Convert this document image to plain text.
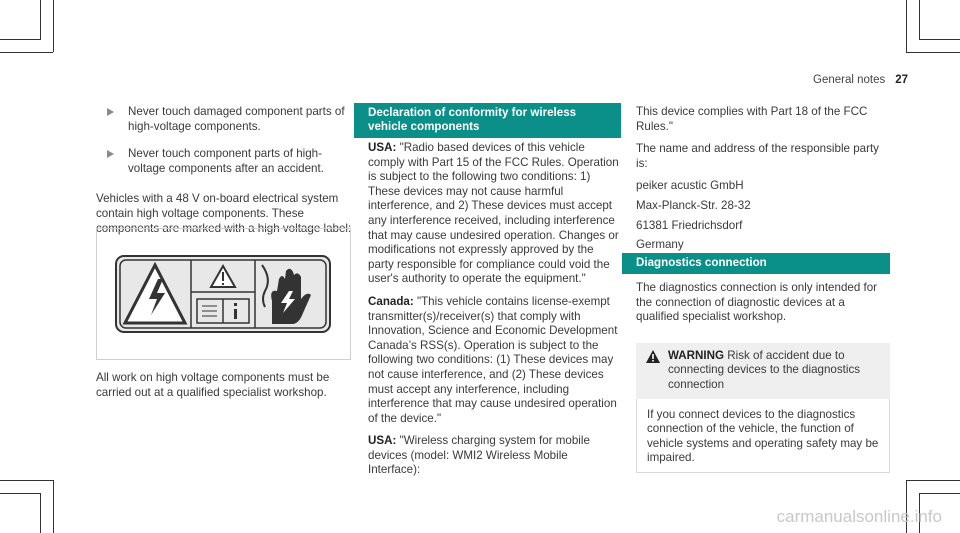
General notes 27
Never touch damaged component parts of high-voltage components.
Never touch component parts of high-voltage components after an accident.

Vehicles with a 48 V on-board electrical system contain high voltage components. These components are marked with a high voltage label:

All work on high voltage components must be carried out at a qualified specialist workshop.

Declaration of conformity for wireless vehicle components

USA: "Radio based devices of this vehicle comply with Part 15 of the FCC Rules. Operation is subject to the following two conditions: 1) These devices may not cause harmful interference, and 2) These devices must accept any interference received, including interference that may cause undesired operation. Changes or modifications not expressly approved by the party responsible for compliance could void the user's authority to operate the equipment."

Canada: "This vehicle contains license-exempt transmitter(s)/receiver(s) that comply with Innovation, Science and Economic Development Canada’s RSS(s). Operation is subject to the following two conditions: (1) These devices may not cause interference, and (2) These devices must accept any interference, including interference that may cause undesired operation of the device."

USA: "Wireless charging system for mobile devices (model: WMI2 Wireless Mobile Interface):

This device complies with Part 18 of the FCC Rules."

The name and address of the responsible party is:

peiker acustic GmbH
Max-Planck-Str. 28-32
61381 Friedrichsdorf
Germany
Diagnostics connection

The diagnostics connection is only intended for the connection of diagnostic devices at a qualified specialist workshop.

WARNING Risk of accident due to connecting devices to the diagnostics connection
If you connect devices to the diagnostics connection of the vehicle, the function of vehicle systems and operating safety may be impaired.
carmanualsonline.info
